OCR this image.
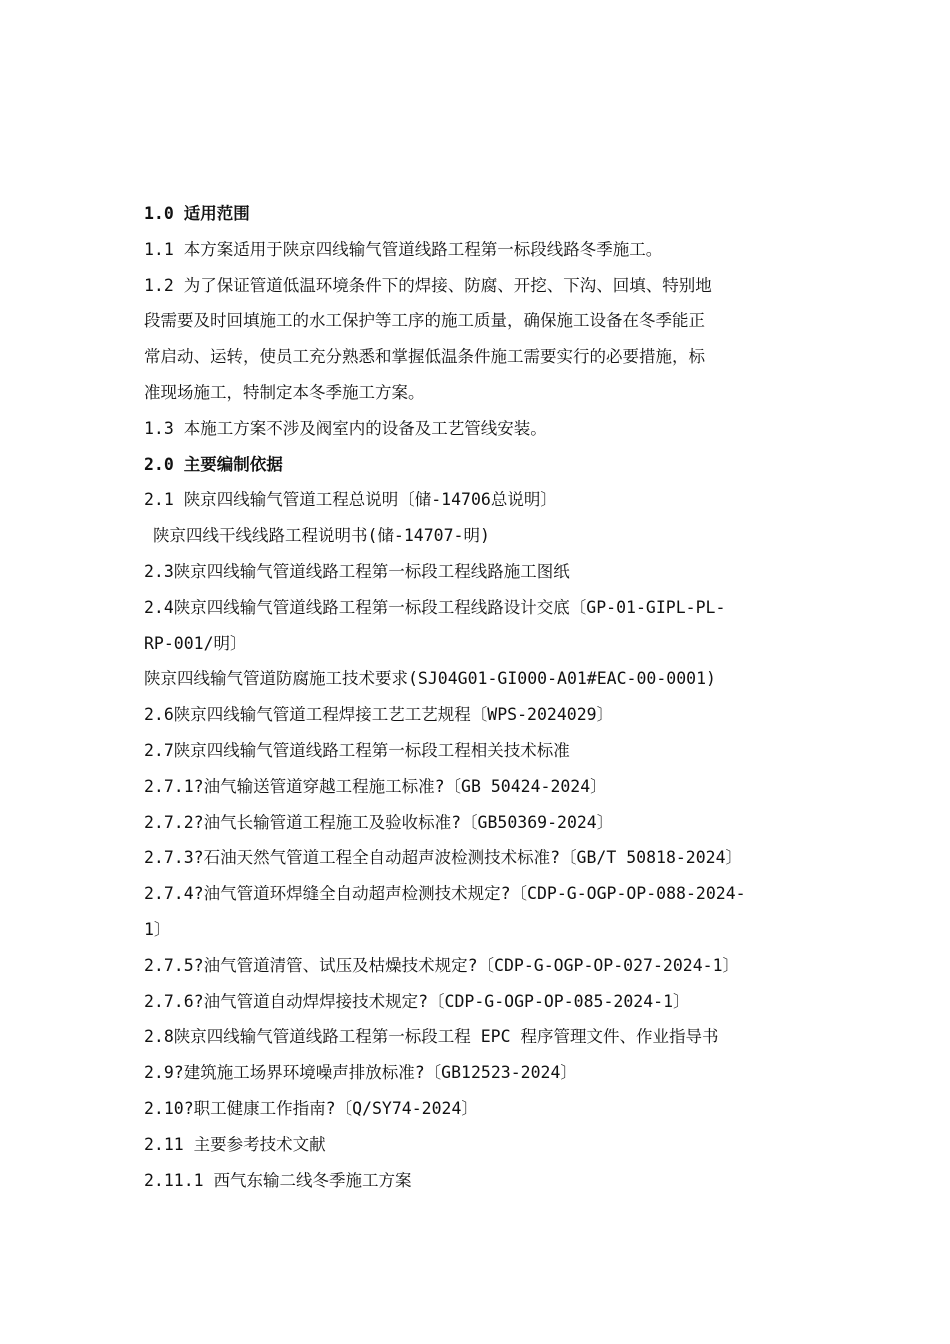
1.0 适用范围
1.1 本方案适用于陕京四线输气管道线路工程第一标段线路冬季施工。
1.2 为了保证管道低温环境条件下的焊接、防腐、开挖、下沟、回填、特别地
段需要及时回填施工的水工保护等工序的施工质量，确保施工设备在冬季能正
常启动、运转，使员工充分熟悉和掌握低温条件施工需要实行的必要措施，标
准现场施工，特制定本冬季施工方案。
1.3 本施工方案不涉及阀室内的设备及工艺管线安装。
2.0 主要编制依据
2.1 陕京四线输气管道工程总说明〔储-14706总说明〕
陕京四线干线线路工程说明书(储-14707-明)
2.3陕京四线输气管道线路工程第一标段工程线路施工图纸
2.4陕京四线输气管道线路工程第一标段工程线路设计交底〔GP-01-GIPL-PL-
RP-001/明〕
陕京四线输气管道防腐施工技术要求(SJ04G01-GI000-A01#EAC-00-0001)
2.6陕京四线输气管道工程焊接工艺工艺规程〔WPS-2024029〕
2.7陕京四线输气管道线路工程第一标段工程相关技术标准
2.7.1?油气输送管道穿越工程施工标准?〔GB 50424-2024〕
2.7.2?油气长输管道工程施工及验收标准?〔GB50369-2024〕
2.7.3?石油天然气管道工程全自动超声波检测技术标准?〔GB/T 50818-2024〕
2.7.4?油气管道环焊缝全自动超声检测技术规定?〔CDP-G-OGP-OP-088-2024-
1〕
2.7.5?油气管道清管、试压及枯燥技术规定?〔CDP-G-OGP-OP-027-2024-1〕
2.7.6?油气管道自动焊焊接技术规定?〔CDP-G-OGP-OP-085-2024-1〕
2.8陕京四线输气管道线路工程第一标段工程 EPC 程序管理文件、作业指导书
2.9?建筑施工场界环境噪声排放标准?〔GB12523-2024〕
2.10?职工健康工作指南?〔Q/SY74-2024〕
2.11 主要参考技术文献
2.11.1 西气东输二线冬季施工方案
